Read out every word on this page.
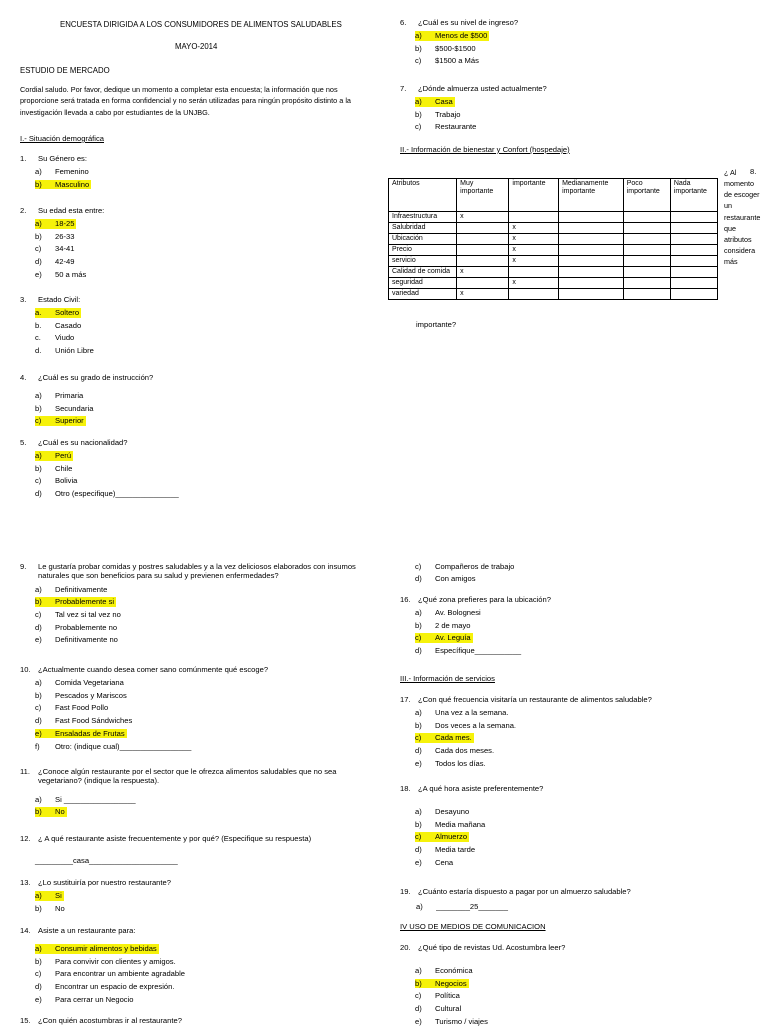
ENCUESTA DIRIGIDA A LOS CONSUMIDORES DE ALIMENTOS SALUDABLES
MAYO-2014
ESTUDIO DE MERCADO
Cordial saludo. Por favor, dedique un momento a completar esta encuesta; la información que nos proporcione será tratada en forma confidencial y no serán utilizadas para ningún propósito distinto a la investigación llevada a cabo por estudiantes de la UNJBG.
I.- Situación demográfica
II.- Información de bienestar y Confort (hospedaje)
III.- Información de servicios
IV USO DE MEDIOS DE COMUNICACION
1.	Su Género es:
a)	Femenino
b)	Masculino
2.	Su edad esta entre:
a)	18-25
b)	26-33
c)	34-41
d)	42-49
e)	50 a más
3.	Estado Civil:
a.	Soltero
b.	Casado
c.	Viudo
d.	Unión Libre
4.	¿Cuál es su grado de instrucción?
a)	Primaria
b)	Secundaria
c)	Superior
5.	¿Cuál es su nacionalidad?
a)	Perú
b)	Chile
c)	Bolivia
d)	Otro (especifique)_______________
6.	¿Cuál es su nivel de ingreso?
a)	Menos de $500
b)	$500-$1500
c)	$1500 a Más
7.	¿Dónde almuerza usted actualmente?
a)	Casa
b)	Trabajo
c)	Restaurante
9.	Le gustaría probar comidas y postres saludables y a la vez deliciosos elaborados con insumos naturales que son beneficios para su salud y previenen enfermedades?
a)	Definitivamente
b)	Probablemente si
c)	Tal vez si tal vez no
d)	Probablemente no
e)	Definitivamente no
10. ¿Actualmente cuando desea comer sano comúnmente qué escoge?
a)	Comida Vegetariana
b)	Pescados y Mariscos
c)	Fast Food Pollo
d)	Fast Food Sándwiches
e)	Ensaladas de Frutas
f)	Otro: (indique cual)_________________
11.	¿Conoce algún restaurante por el sector que le ofrezca alimentos saludables que no sea vegetariano? (indique la respuesta).
a)	Si _________________
b)	No
13. ¿Lo sustituiría por nuestro restaurante?
a)	Si
b)	No
14. Asiste a un restaurante para:
a)	Consumir alimentos y bebidas
b)	Para convivir con clientes y amigos.
c)	Para encontrar un ambiente agradable
d)	Encontrar un espacio de expresión.
e)	Para cerrar un Negocio
16. ¿Qué zona prefieres para la ubicación?
a)	Av. Bolognesi
b)	2 de mayo
c)	Av. Leguía
d)	Específique___________
17. ¿Con qué frecuencia visitaría un restaurante de alimentos saludable?
a)	Una vez a la semana.
b)	Dos veces a la semana.
c)	Cada mes.
d)	Cada dos meses.
e)	Todos los días.
18. ¿A qué hora asiste preferentemente?
a)	Desayuno
b)	Media mañana
c)	Almuerzo
d)	Media tarde
e)	Cena
20. ¿Qué tipo de revistas Ud. Acostumbra leer?
a)	Económica
b)	Negocios
c)	Política
d)	Cultural
e)	Turismo / viajes
12. ¿ A qué restaurante asiste frecuentemente y por qué? (Especifique su respuesta)
_________casa_____________________
15. ¿Con quién acostumbras ir al restaurante?
c)	Compañeros de trabajo
d)	Con amigos
19. ¿Cuánto estaría dispuesto a pagar por un almuerzo saludable?
a) ________25_______
Atributos	Muy importante	importante	Medianamente importante	Poco importante	Nada importante
Infraestructura	x				
Salubridad		x			
Ubicación		x			
Precio		x			
servicio		x			
Calidad de comida	x				
seguridad		x			
variedad	x				
8.
¿ Al momento de escoger un restaurante que atributos considera más
importante?
